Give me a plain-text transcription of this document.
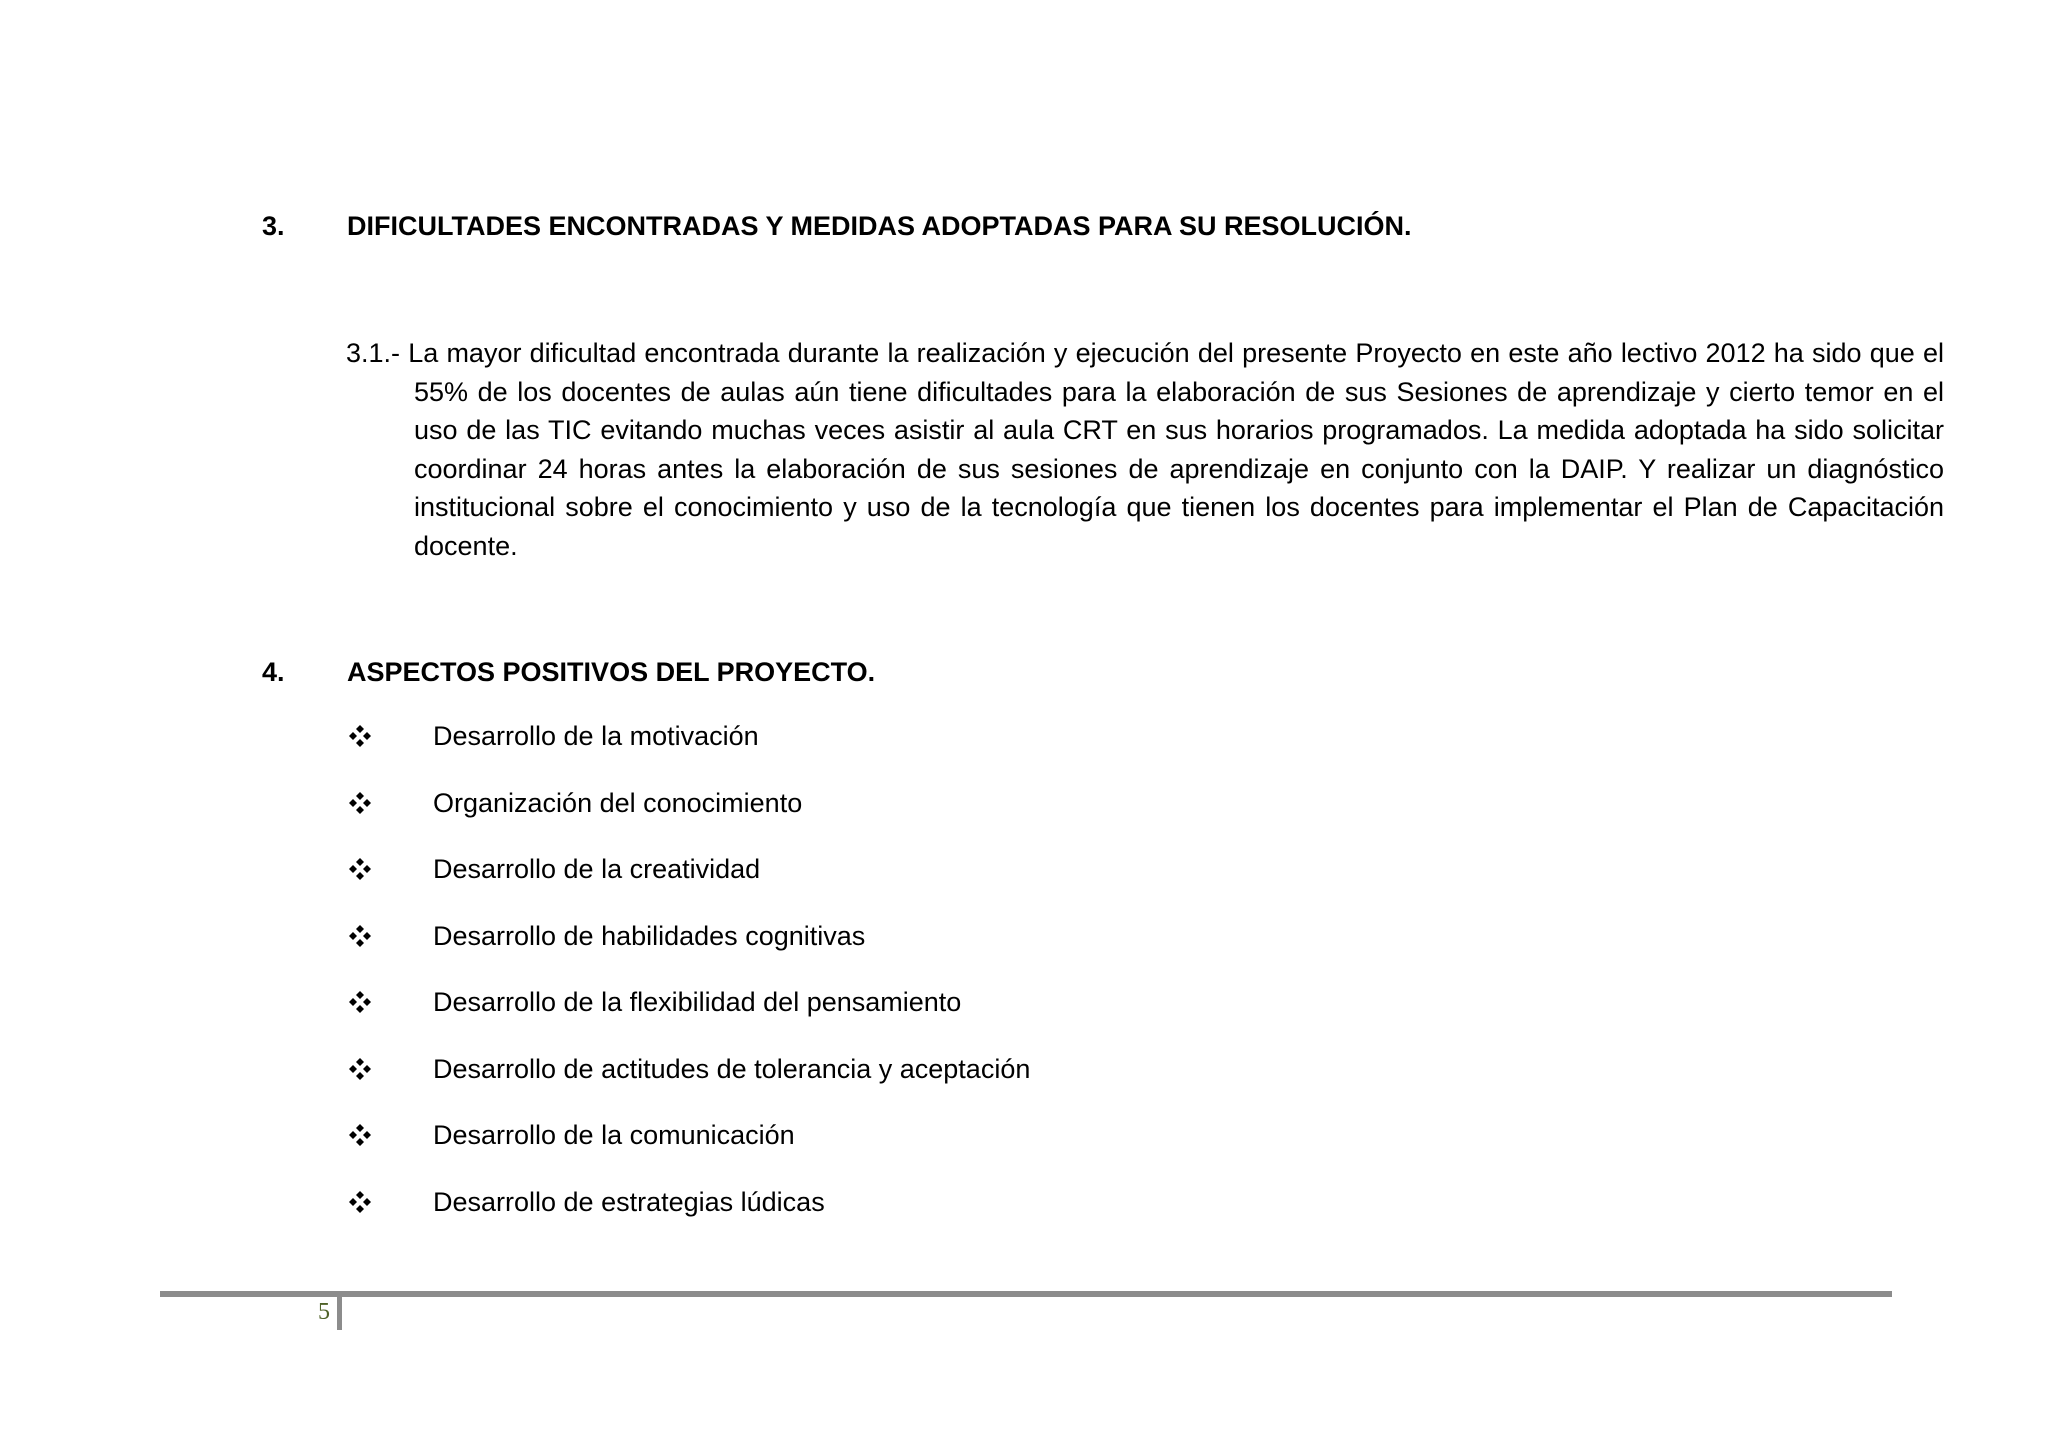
3. DIFICULTADES ENCONTRADAS Y MEDIDAS ADOPTADAS PARA SU RESOLUCIÓN.

3.1.- La mayor dificultad encontrada durante la realización y ejecución del presente Proyecto en este año lectivo 2012 ha sido que el 55% de los docentes de aulas aún tiene dificultades para la elaboración de sus Sesiones de aprendizaje y cierto temor en el uso de las TIC evitando muchas veces asistir al aula CRT en sus horarios programados. La medida adoptada ha sido solicitar coordinar 24 horas antes la elaboración de sus sesiones de aprendizaje en conjunto con la DAIP. Y realizar un diagnóstico institucional sobre el conocimiento y uso de la tecnología que tienen los docentes para implementar el Plan de Capacitación docente.

4. ASPECTOS POSITIVOS DEL PROYECTO.
Desarrollo de la motivación
Organización del conocimiento
Desarrollo de la creatividad
Desarrollo de habilidades cognitivas
Desarrollo de la flexibilidad del pensamiento
Desarrollo de actitudes de tolerancia y aceptación
Desarrollo de la comunicación
Desarrollo de estrategias lúdicas
5
